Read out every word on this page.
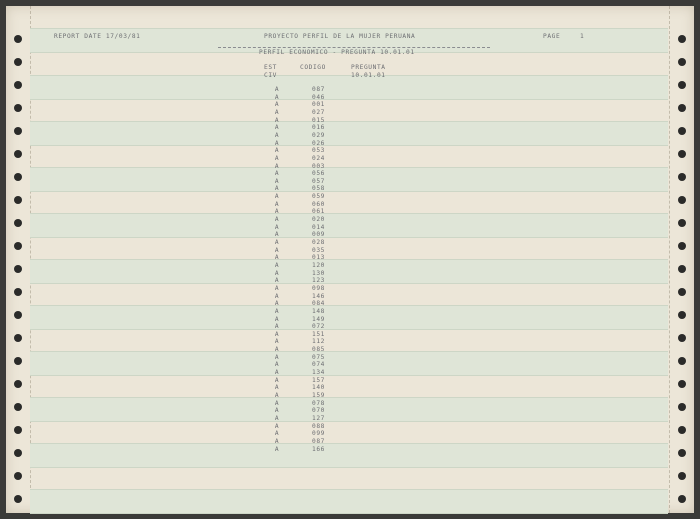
REPORT DATE 17/03/81	PROYECTO PERFIL DE LA MUJER PERUANA	PAGE	1
PERFIL ECONOMICO - PREGUNTA 10.01.01
EST
CIV
CODIGO	PREGUNTA
10.01.01
A	087
A	046
A	001
A	027
A	015
A	016
A	029
A	026
A	053
A	024
A	003
A	056
A	057
A	058
A	059
A	060
A	061
A	020
A	014
A	009
A	028
A	035
A	013
A	120
A	130
A	123
A	098
A	146
A	084
A	148
A	149
A	072
A	151
A	112
A	085
A	075
A	074
A	134
A	157
A	140
A	159
A	078
A	070
A	127
A	088
A	099
A	087
A	166
